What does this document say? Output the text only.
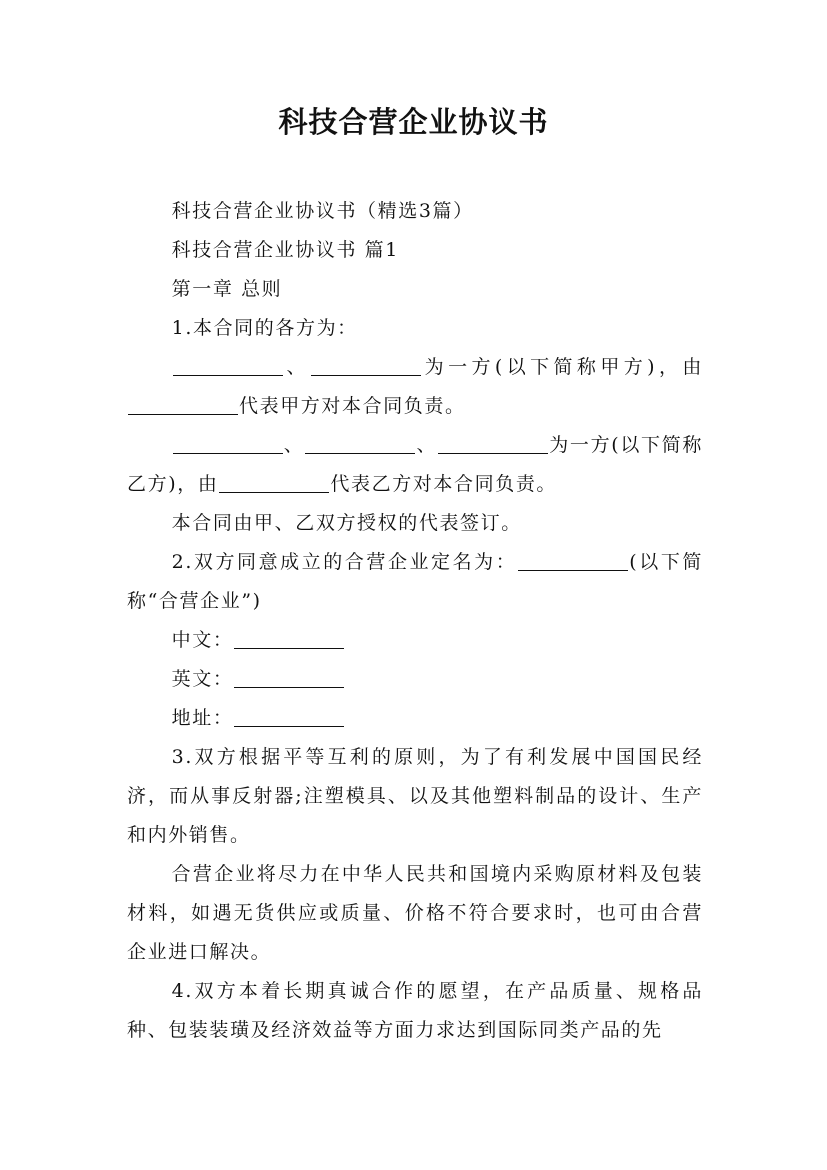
科技合营企业协议书

科技合营企业协议书（精选3篇）

科技合营企业协议书 篇1

第一章 总则

1.本合同的各方为：

、	为一方(以下简称甲方)，由代表甲方对本合同负责。

、	、	为一方(以下简称乙方)，由	代表乙方对本合同负责。

本合同由甲、乙双方授权的代表签订。

2.双方同意成立的合营企业定名为：	(以下简称“合营企业”)

中文：

英文：

地址：

3.双方根据平等互利的原则，为了有利发展中国国民经济，而从事反射器;注塑模具、以及其他塑料制品的设计、生产和内外销售。

合营企业将尽力在中华人民共和国境内采购原材料及包装材料，如遇无货供应或质量、价格不符合要求时，也可由合营企业进口解决。

4.双方本着长期真诚合作的愿望，在产品质量、规格品种、包装装璜及经济效益等方面力求达到国际同类产品的先
